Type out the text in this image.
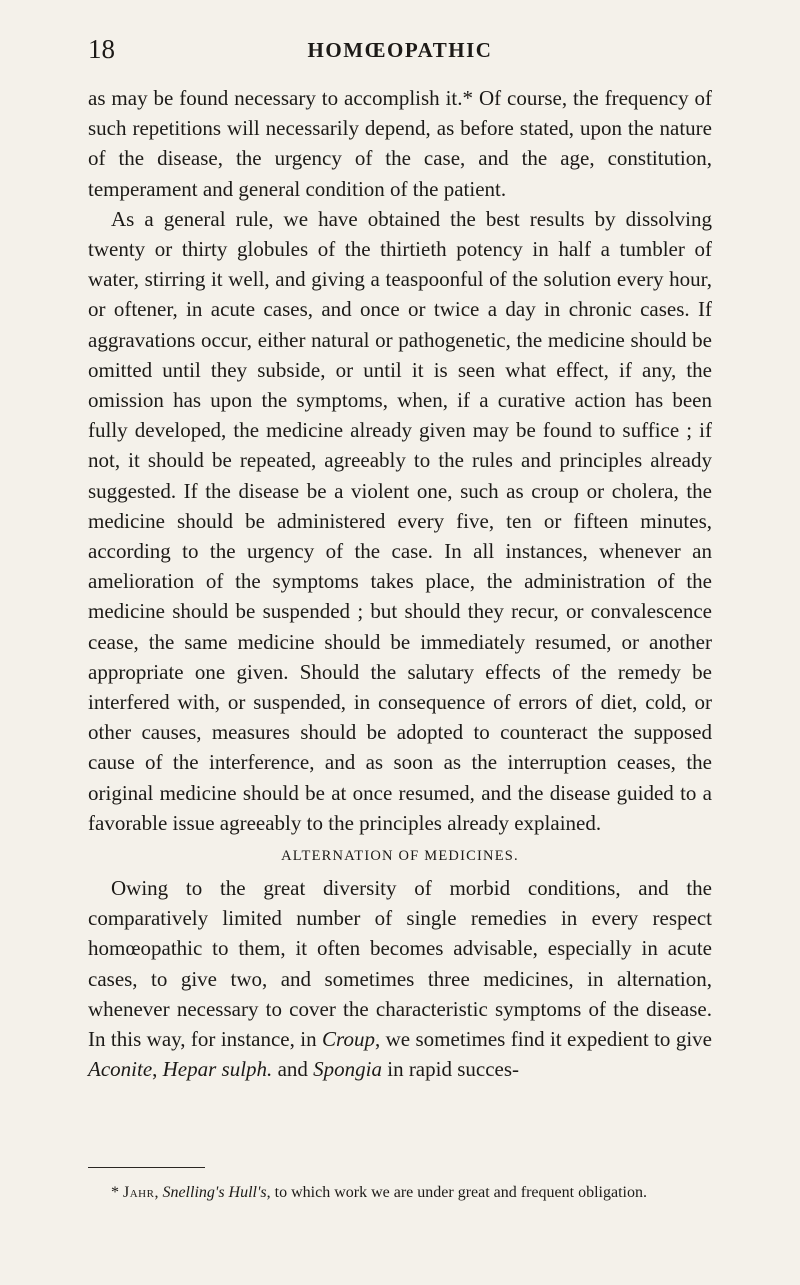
18	HOMŒOPATHIC

as may be found necessary to accomplish it.* Of course, the frequency of such repetitions will necessarily depend, as before stated, upon the nature of the disease, the urgency of the case, and the age, constitution, temperament and general condition of the patient.

As a general rule, we have obtained the best results by dissolving twenty or thirty globules of the thirtieth potency in half a tumbler of water, stirring it well, and giving a teaspoonful of the solution every hour, or oftener, in acute cases, and once or twice a day in chronic cases. If aggravations occur, either natural or pathogenetic, the medicine should be omitted until they subside, or until it is seen what effect, if any, the omission has upon the symptoms, when, if a curative action has been fully developed, the medicine already given may be found to suffice ; if not, it should be repeated, agreeably to the rules and principles already suggested. If the disease be a violent one, such as croup or cholera, the medicine should be administered every five, ten or fifteen minutes, according to the urgency of the case. In all instances, whenever an amelioration of the symptoms takes place, the administration of the medicine should be suspended ; but should they recur, or convalescence cease, the same medicine should be immediately resumed, or another appropriate one given. Should the salutary effects of the remedy be interfered with, or suspended, in consequence of errors of diet, cold, or other causes, measures should be adopted to counteract the supposed cause of the interference, and as soon as the interruption ceases, the original medicine should be at once resumed, and the disease guided to a favorable issue agreeably to the principles already explained.

ALTERNATION OF MEDICINES.

Owing to the great diversity of morbid conditions, and the comparatively limited number of single remedies in every respect homœopathic to them, it often becomes advisable, especially in acute cases, to give two, and sometimes three medicines, in alternation, whenever necessary to cover the characteristic symptoms of the disease. In this way, for instance, in Croup, we sometimes find it expedient to give Aconite, Hepar sulph. and Spongia in rapid succes-

* Jahr, Snelling's Hull's, to which work we are under great and frequent obligation.
